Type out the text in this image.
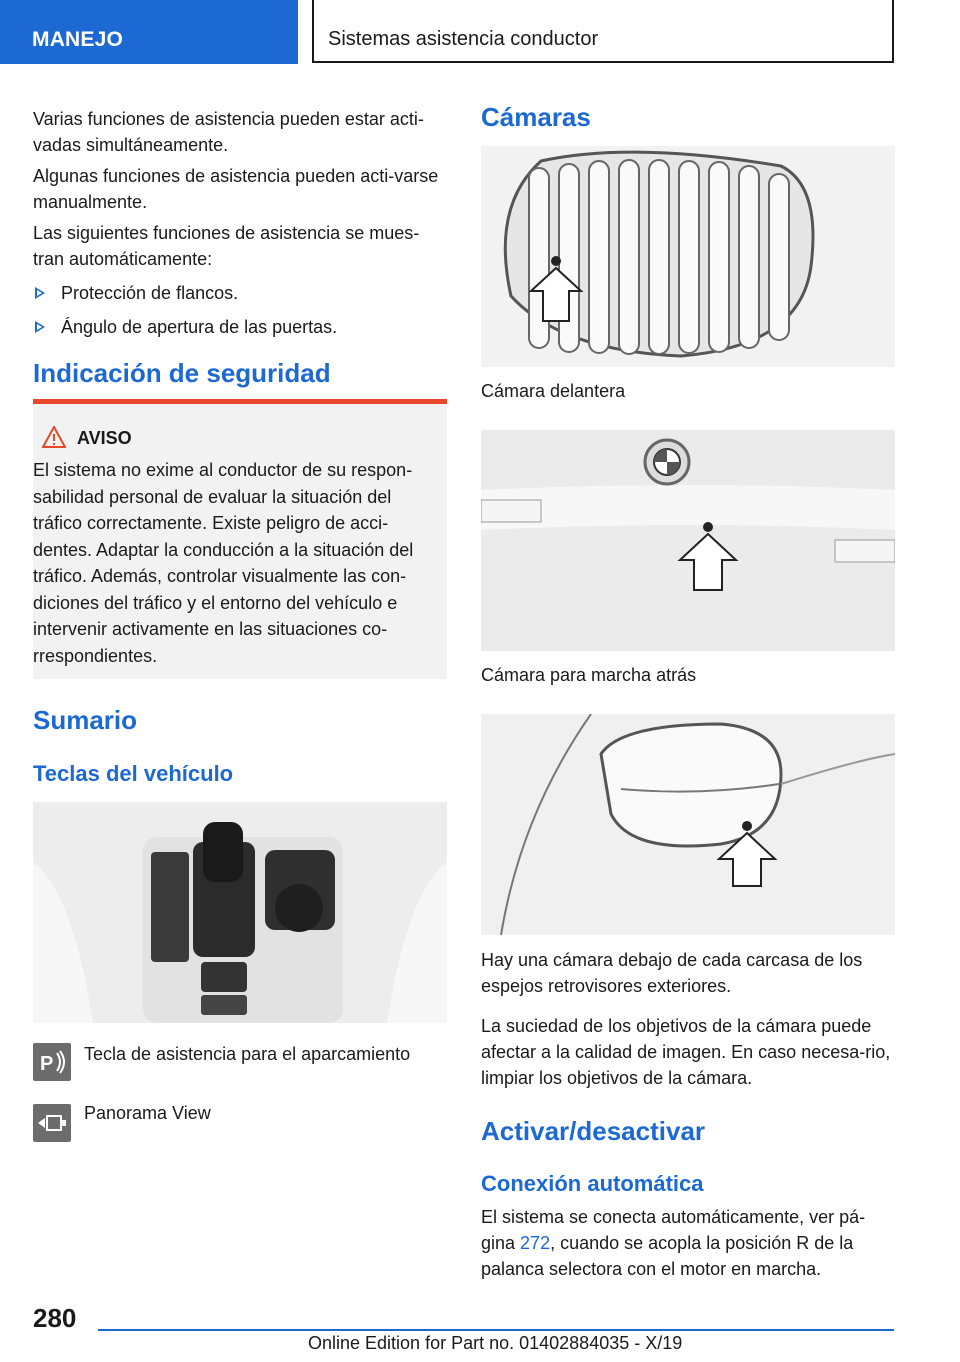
MANEJO	Sistemas asistencia conductor

Varias funciones de asistencia pueden estar acti‐vadas simultáneamente.

Algunas funciones de asistencia pueden acti‐varse manualmente.

Las siguientes funciones de asistencia se mues‐tran automáticamente:

Protección de flancos.
Ángulo de apertura de las puertas.
Indicación de seguridad
AVISO
El sistema no exime al conductor de su respon‐sabilidad personal de evaluar la situación del tráfico correctamente. Existe peligro de acci‐dentes. Adaptar la conducción a la situación del tráfico. Además, controlar visualmente las con‐diciones del tráfico y el entorno del vehículo e intervenir activamente en las situaciones co‐rrespondientes.
Sumario
Teclas del vehículo
P Tecla de asistencia para el aparcamiento
Panorama View
Cámaras
Cámara delantera
Cámara para marcha atrás

Hay una cámara debajo de cada carcasa de los espejos retrovisores exteriores.

La suciedad de los objetivos de la cámara puede afectar a la calidad de imagen. En caso necesa‐rio, limpiar los objetivos de la cámara.

Activar/desactivar
Conexión automática
El sistema se conecta automáticamente, ver pá‐gina 272, cuando se acopla la posición R de la palanca selectora con el motor en marcha.
280
Online Edition for Part no. 01402884035 - X/19
